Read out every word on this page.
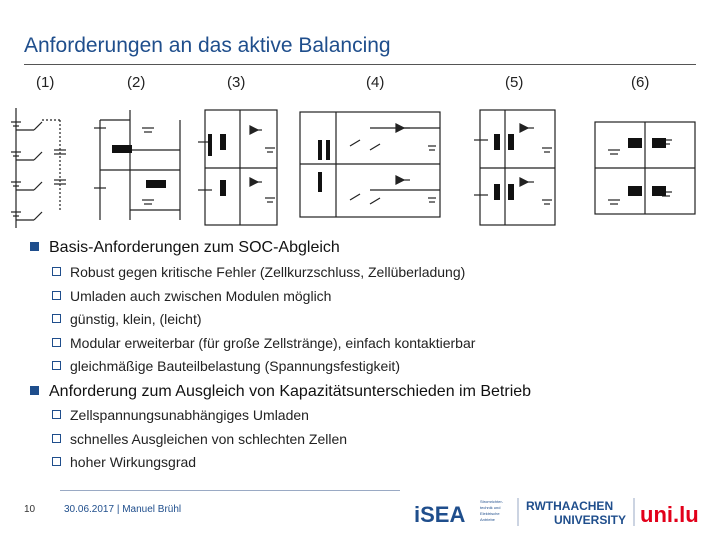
Anforderungen an das aktive Balancing
(1)	(2)	(3)	(4)	(5)	(6)
Basis-Anforderungen zum SOC-Abgleich
Robust gegen kritische Fehler (Zellkurzschluss, Zellüberladung)
Umladen auch zwischen Modulen möglich
günstig, klein, (leicht)
Modular erweiterbar (für große Zellstränge), einfach kontaktierbar
gleichmäßige Bauteilbelastung (Spannungsfestigkeit)
Anforderung zum Ausgleich von Kapazitätsunterschieden im Betrieb
Zellspannungsunabhängiges Umladen
schnelles Ausgleichen von schlechten Zellen
hoher Wirkungsgrad
10	30.06.2017 | Manuel Brühl	iSEA
Stromrichter-
technik und
Elektrische
Antriebe
RWTHAACHEN
UNIVERSITY uni.lu
